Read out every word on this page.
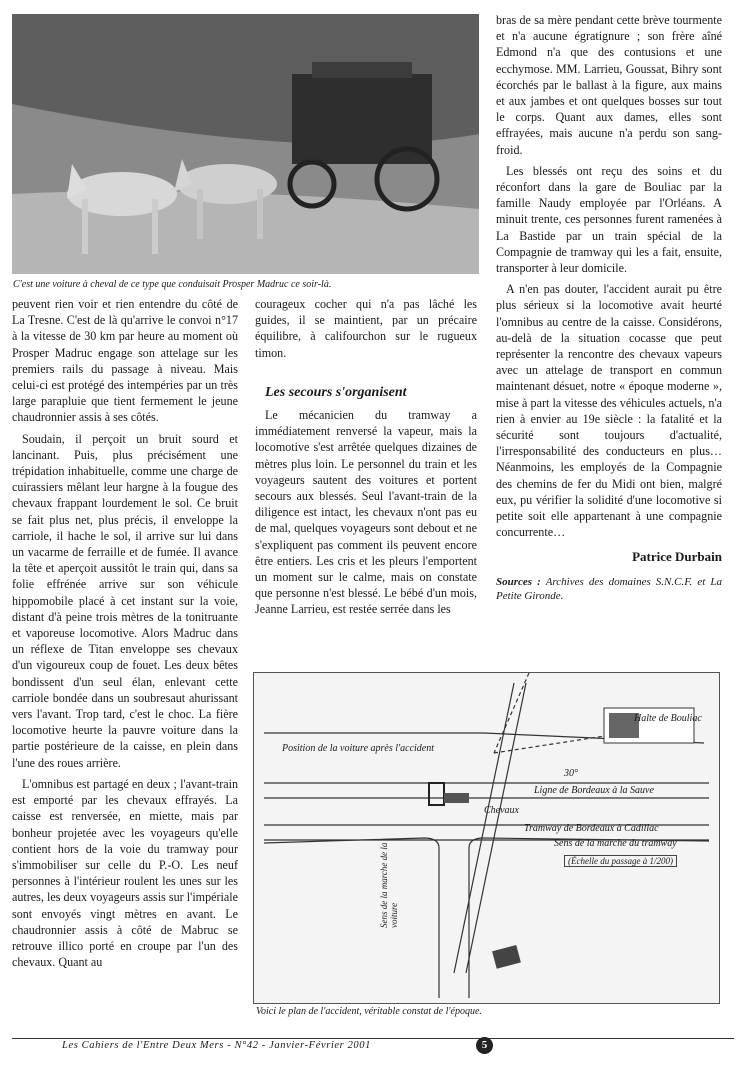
C'est une voiture à cheval de ce type que conduisait Prosper Madruc ce soir-là.

peuvent rien voir et rien entendre du côté de La Tresne. C'est de là qu'arrive le convoi n°17 à la vitesse de 30 km par heure au moment où Prosper Madruc engage son attelage sur les premiers rails du passage à niveau. Mais celui-ci est protégé des intempéries par un très large parapluie que tient fermement le jeune chaudronnier assis à ses côtés.

Soudain, il perçoit un bruit sourd et lancinant. Puis, plus précisément une trépidation inhabituelle, comme une charge de cuirassiers mêlant leur hargne à la fougue des chevaux frappant lourdement le sol. Ce bruit se fait plus net, plus précis, il enveloppe la carriole, il hache le sol, il arrive sur lui dans un vacarme de ferraille et de fumée. Il avance la tête et aperçoit aussitôt le train qui, dans sa folie effrénée arrive sur son véhicule hippomobile placé à cet instant sur la voie, distant d'à peine trois mètres de la tonitruante et vaporeuse locomotive. Alors Madruc dans un réflexe de Titan enveloppe ses chevaux d'un vigoureux coup de fouet. Les deux bêtes bondissent d'un seul élan, enlevant cette carriole bondée dans un soubresaut ahurissant vers l'avant. Trop tard, c'est le choc. La fière locomotive heurte la pauvre voiture dans la partie postérieure de la caisse, en plein dans l'une des roues arrière.

L'omnibus est partagé en deux ; l'avant-train est emporté par les chevaux effrayés. La caisse est renversée, en miette, mais par bonheur projetée avec les voyageurs qu'elle contient hors de la voie du tramway pour s'immobiliser sur celle du P.-O. Les neuf personnes à l'intérieur roulent les unes sur les autres, les deux voyageurs assis sur l'impériale sont envoyés vingt mètres en avant. Le chaudronnier assis à côté de Mabruc se retrouve illico porté en croupe par l'un des chevaux. Quant au

courageux cocher qui n'a pas lâché les guides, il se maintient, par un précaire équilibre, à califourchon sur le rugueux timon.

Les secours s'organisent

Le mécanicien du tramway a immédiatement renversé la vapeur, mais la locomotive s'est arrêtée quelques dizaines de mètres plus loin. Le personnel du train et les voyageurs sautent des voitures et portent secours aux blessés. Seul l'avant-train de la diligence est intact, les chevaux n'ont pas eu de mal, quelques voyageurs sont debout et ne s'expliquent pas comment ils peuvent encore être entiers. Les cris et les pleurs l'emportent un moment sur le calme, mais on constate que personne n'est blessé. Le bébé d'un mois, Jeanne Larrieu, est restée serrée dans les

bras de sa mère pendant cette brève tourmente et n'a aucune égratignure ; son frère aîné Edmond n'a que des contusions et une ecchymose. MM. Larrieu, Goussat, Bihry sont écorchés par le ballast à la figure, aux mains et aux jambes et ont quelques bosses sur tout le corps. Quant aux dames, elles sont effrayées, mais aucune n'a perdu son sang-froid.

Les blessés ont reçu des soins et du réconfort dans la gare de Bouliac par la famille Naudy employée par l'Orléans. A minuit trente, ces personnes furent ramenées à La Bastide par un train spécial de la Compagnie de tramway qui les a fait, ensuite, transporter à leur domicile.

A n'en pas douter, l'accident aurait pu être plus sérieux si la locomotive avait heurté l'omnibus au centre de la caisse. Considérons, au-delà de la situation cocasse que peut représenter la rencontre des chevaux vapeurs avec un attelage de transport en commun maintenant désuet, notre « époque moderne », mise à part la vitesse des véhicules actuels, n'a rien à envier au 19e siècle : la fatalité et la sécurité sont toujours d'actualité, l'irresponsabilité des conducteurs en plus… Néanmoins, les employés de la Compagnie des chemins de fer du Midi ont bien, malgré eux, pu vérifier la solidité d'une locomotive si petite soit elle appartenant à une compagnie concurrente…

Patrice Durbain
Sources : Archives des domaines S.N.C.F. et La Petite Gironde.
Halte de Bouliac
Position de la voiture après l'accident
30°
Ligne de Bordeaux à la Sauve
Chevaux
Tramway de Bordeaux à Cadillac
Sens de la marche du tramway
(Échelle du passage à 1/200)
Sens de la marche de la voiture
Voici le plan de l'accident, véritable constat de l'époque.
Les Cahiers de l'Entre Deux Mers - N°42 - Janvier-Février 2001	5
